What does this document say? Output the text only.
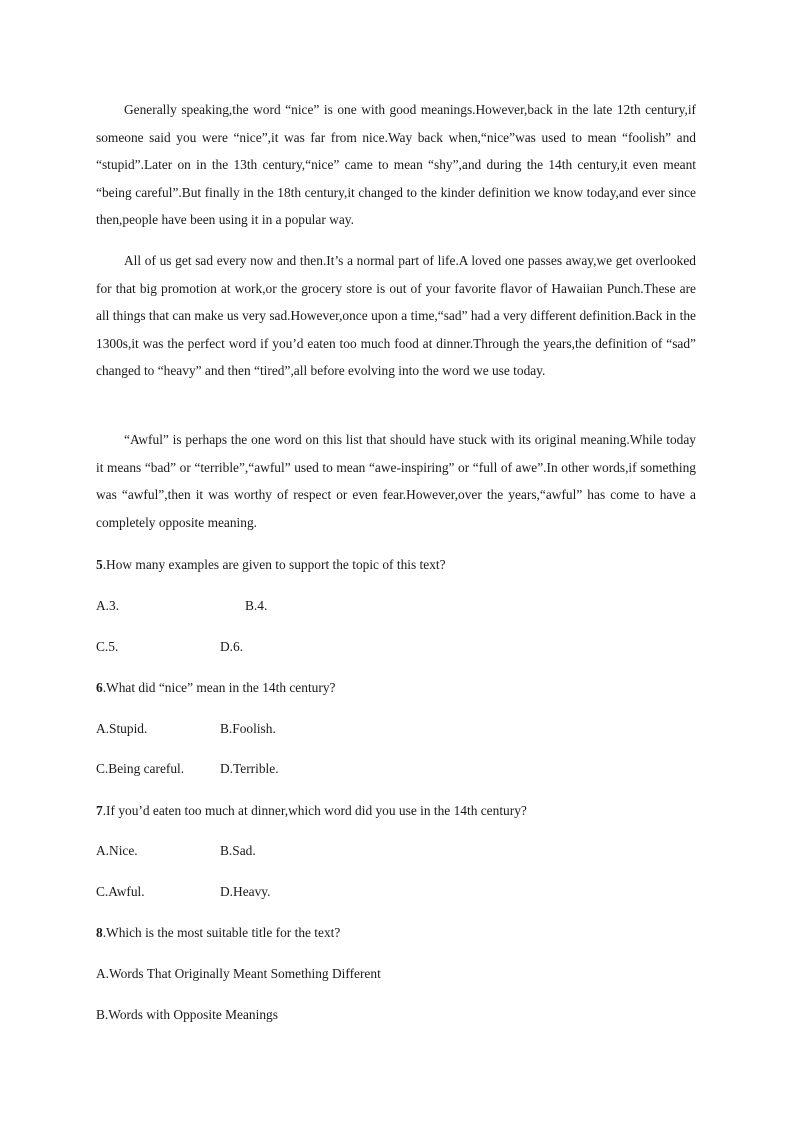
Generally speaking,the word “nice” is one with good meanings.However,back in the late 12th century,if someone said you were “nice”,it was far from nice.Way back when,“nice”was used to mean “foolish” and “stupid”.Later on in the 13th century,“nice” came to mean “shy”,and during the 14th century,it even meant “being careful”.But finally in the 18th century,it changed to the kinder definition we know today,and ever since then,people have been using it in a popular way.

All of us get sad every now and then.It’s a normal part of life.A loved one passes away,we get overlooked for that big promotion at work,or the grocery store is out of your favorite flavor of Hawaiian Punch.These are all things that can make us very sad.However,once upon a time,“sad” had a very different definition.Back in the 1300s,it was the perfect word if you’d eaten too much food at dinner.Through the years,the definition of “sad” changed to “heavy” and then “tired”,all before evolving into the word we use today.

“Awful” is perhaps the one word on this list that should have stuck with its original meaning.While today it means “bad” or “terrible”,“awful” used to mean “awe-inspiring” or “full of awe”.In other words,if something was “awful”,then it was worthy of respect or even fear.However,over the years,“awful” has come to have a completely opposite meaning.

5.How many examples are given to support the topic of this text?
A.3.	B.4.
C.5.	D.6.
6.What did “nice” mean in the 14th century?
A.Stupid.	B.Foolish.
C.Being careful.	D.Terrible.
7.If you’d eaten too much at dinner,which word did you use in the 14th century?
A.Nice.	B.Sad.
C.Awful.	D.Heavy.
8.Which is the most suitable title for the text?
A.Words That Originally Meant Something Different
B.Words with Opposite Meanings
